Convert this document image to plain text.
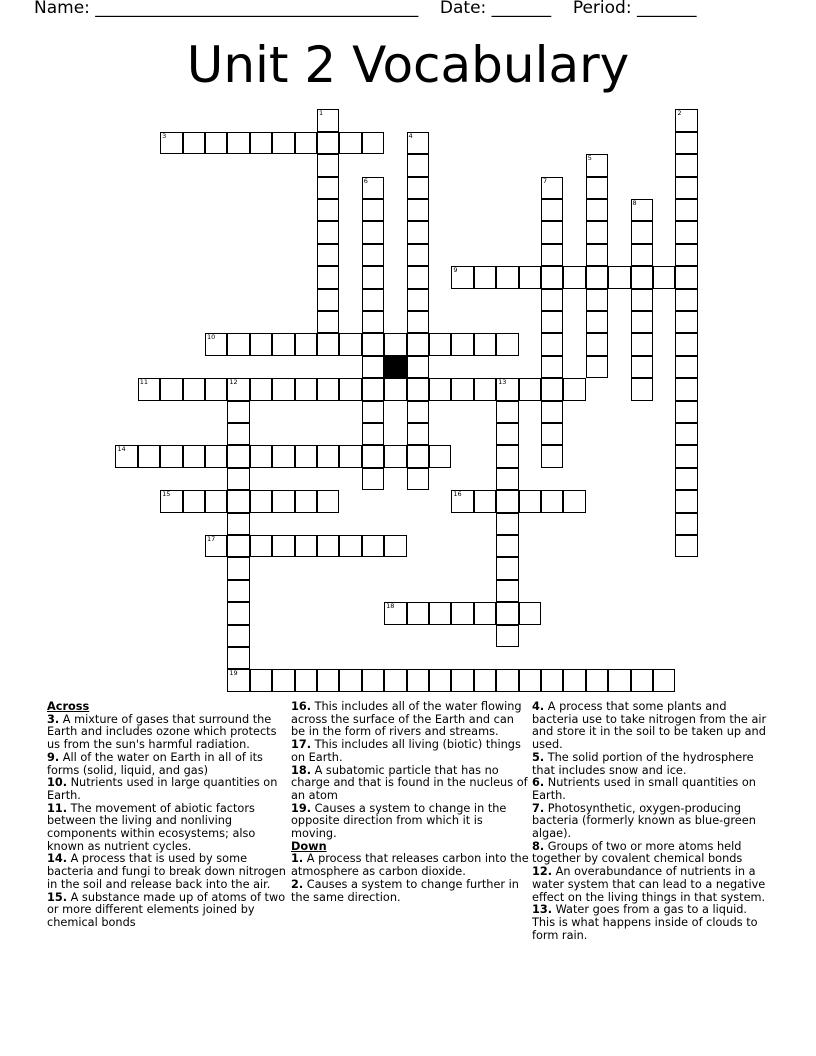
Name: ______________________________________ Date: _______ Period: _______
Unit 2 Vocabulary
1	2
3	4
5
6	7
8
9
10
11	12	13
19
14
15	16
17
18
Across
3. A mixture of gases that surround the Earth and includes ozone which protects us from the sun's harmful radiation.
9. All of the water on Earth in all of its forms (solid, liquid, and gas)
10. Nutrients used in large quantities on Earth.
11. The movement of abiotic factors between the living and nonliving components within ecosystems; also known as nutrient cycles.
14. A process that is used by some bacteria and fungi to break down nitrogen in the soil and release back into the air.
15. A substance made up of atoms of two or more different elements joined by chemical bonds
16. This includes all of the water flowing across the surface of the Earth and can be in the form of rivers and streams.
17. This includes all living (biotic) things on Earth.
18. A subatomic particle that has no charge and that is found in the nucleus of an atom
19. Causes a system to change in the opposite direction from which it is moving.
Down
1. A process that releases carbon into the atmosphere as carbon dioxide.
2. Causes a system to change further in the same direction.
4. A process that some plants and bacteria use to take nitrogen from the air and store it in the soil to be taken up and used.
5. The solid portion of the hydrosphere that includes snow and ice.
6. Nutrients used in small quantities on Earth.
7. Photosynthetic, oxygen-producing bacteria (formerly known as blue-green algae).
8. Groups of two or more atoms held together by covalent chemical bonds
12. An overabundance of nutrients in a water system that can lead to a negative effect on the living things in that system.
13. Water goes from a gas to a liquid. This is what happens inside of clouds to form rain.
